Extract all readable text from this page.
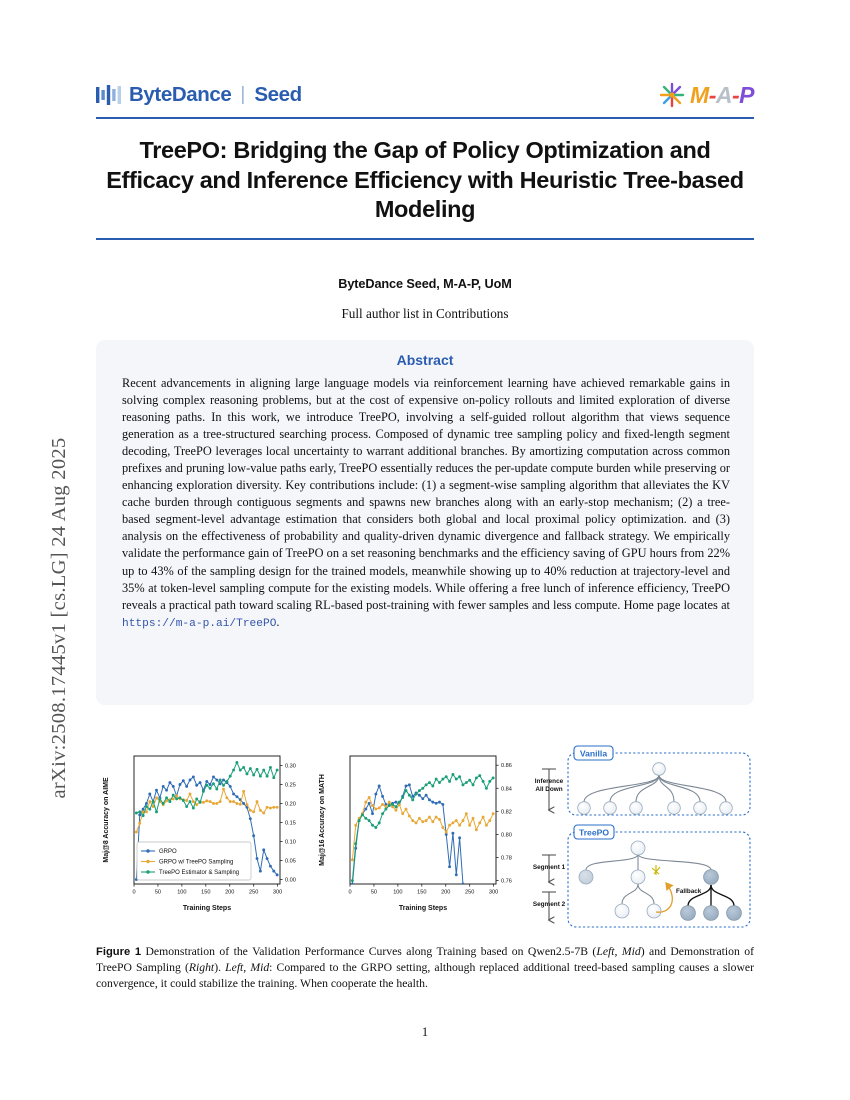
arXiv:2508.17445v1 [cs.LG] 24 Aug 2025
ByteDance | Seed	M - A - P
TreePO: Bridging the Gap of Policy Optimization and Efficacy and Inference Efficiency with Heuristic Tree-based Modeling
ByteDance Seed, M-A-P, UoM
Full author list in Contributions
Abstract
Recent advancements in aligning large language models via reinforcement learning have achieved remarkable gains in solving complex reasoning problems, but at the cost of expensive on-policy rollouts and limited exploration of diverse reasoning paths. In this work, we introduce TreePO, involving a self-guided rollout algorithm that views sequence generation as a tree-structured searching process. Composed of dynamic tree sampling policy and fixed-length segment decoding, TreePO leverages local uncertainty to warrant additional branches. By amortizing computation across common prefixes and pruning low-value paths early, TreePO essentially reduces the per-update compute burden while preserving or enhancing exploration diversity. Key contributions include: (1) a segment-wise sampling algorithm that alleviates the KV cache burden through contiguous segments and spawns new branches along with an early-stop mechanism; (2) a tree-based segment-level advantage estimation that considers both global and local proximal policy optimization. and (3) analysis on the effectiveness of probability and quality-driven dynamic divergence and fallback strategy. We empirically validate the performance gain of TreePO on a set reasoning benchmarks and the efficiency saving of GPU hours from 22% up to 43% of the sampling design for the trained models, meanwhile showing up to 40% reduction at trajectory-level and 35% at token-level sampling compute for the existing models. While offering a free lunch of inference efficiency, TreePO reveals a practical path toward scaling RL-based post-training with fewer samples and less compute. Home page locates at https://m-a-p.ai/TreePO.
0	50	100	150	200	250	300
0.00
0.05
0.10
0.15
0.20
0.25
0.30
Training Steps
Maj@8 Accuracy on AIME	GRPO
GRPO w/ TreePO Sampling
TreePO Estimator & Sampling
0	50	100	150	200	250	300
0.76
0.78
0.80
0.82
0.84
0.86
Training Steps
Maj@16 Accuracy on MATH
Vanilla
Inference
All Down
TreePO
Fallback
Segment 1
Segment 2
Figure 1 Demonstration of the Validation Performance Curves along Training based on Qwen2.5-7B (Left, Mid) and Demonstration of TreePO Sampling (Right). Left, Mid: Compared to the GRPO setting, although replaced additional treed-based sampling causes a slower convergence, it could stabilize the training. When cooperate the health.
1
